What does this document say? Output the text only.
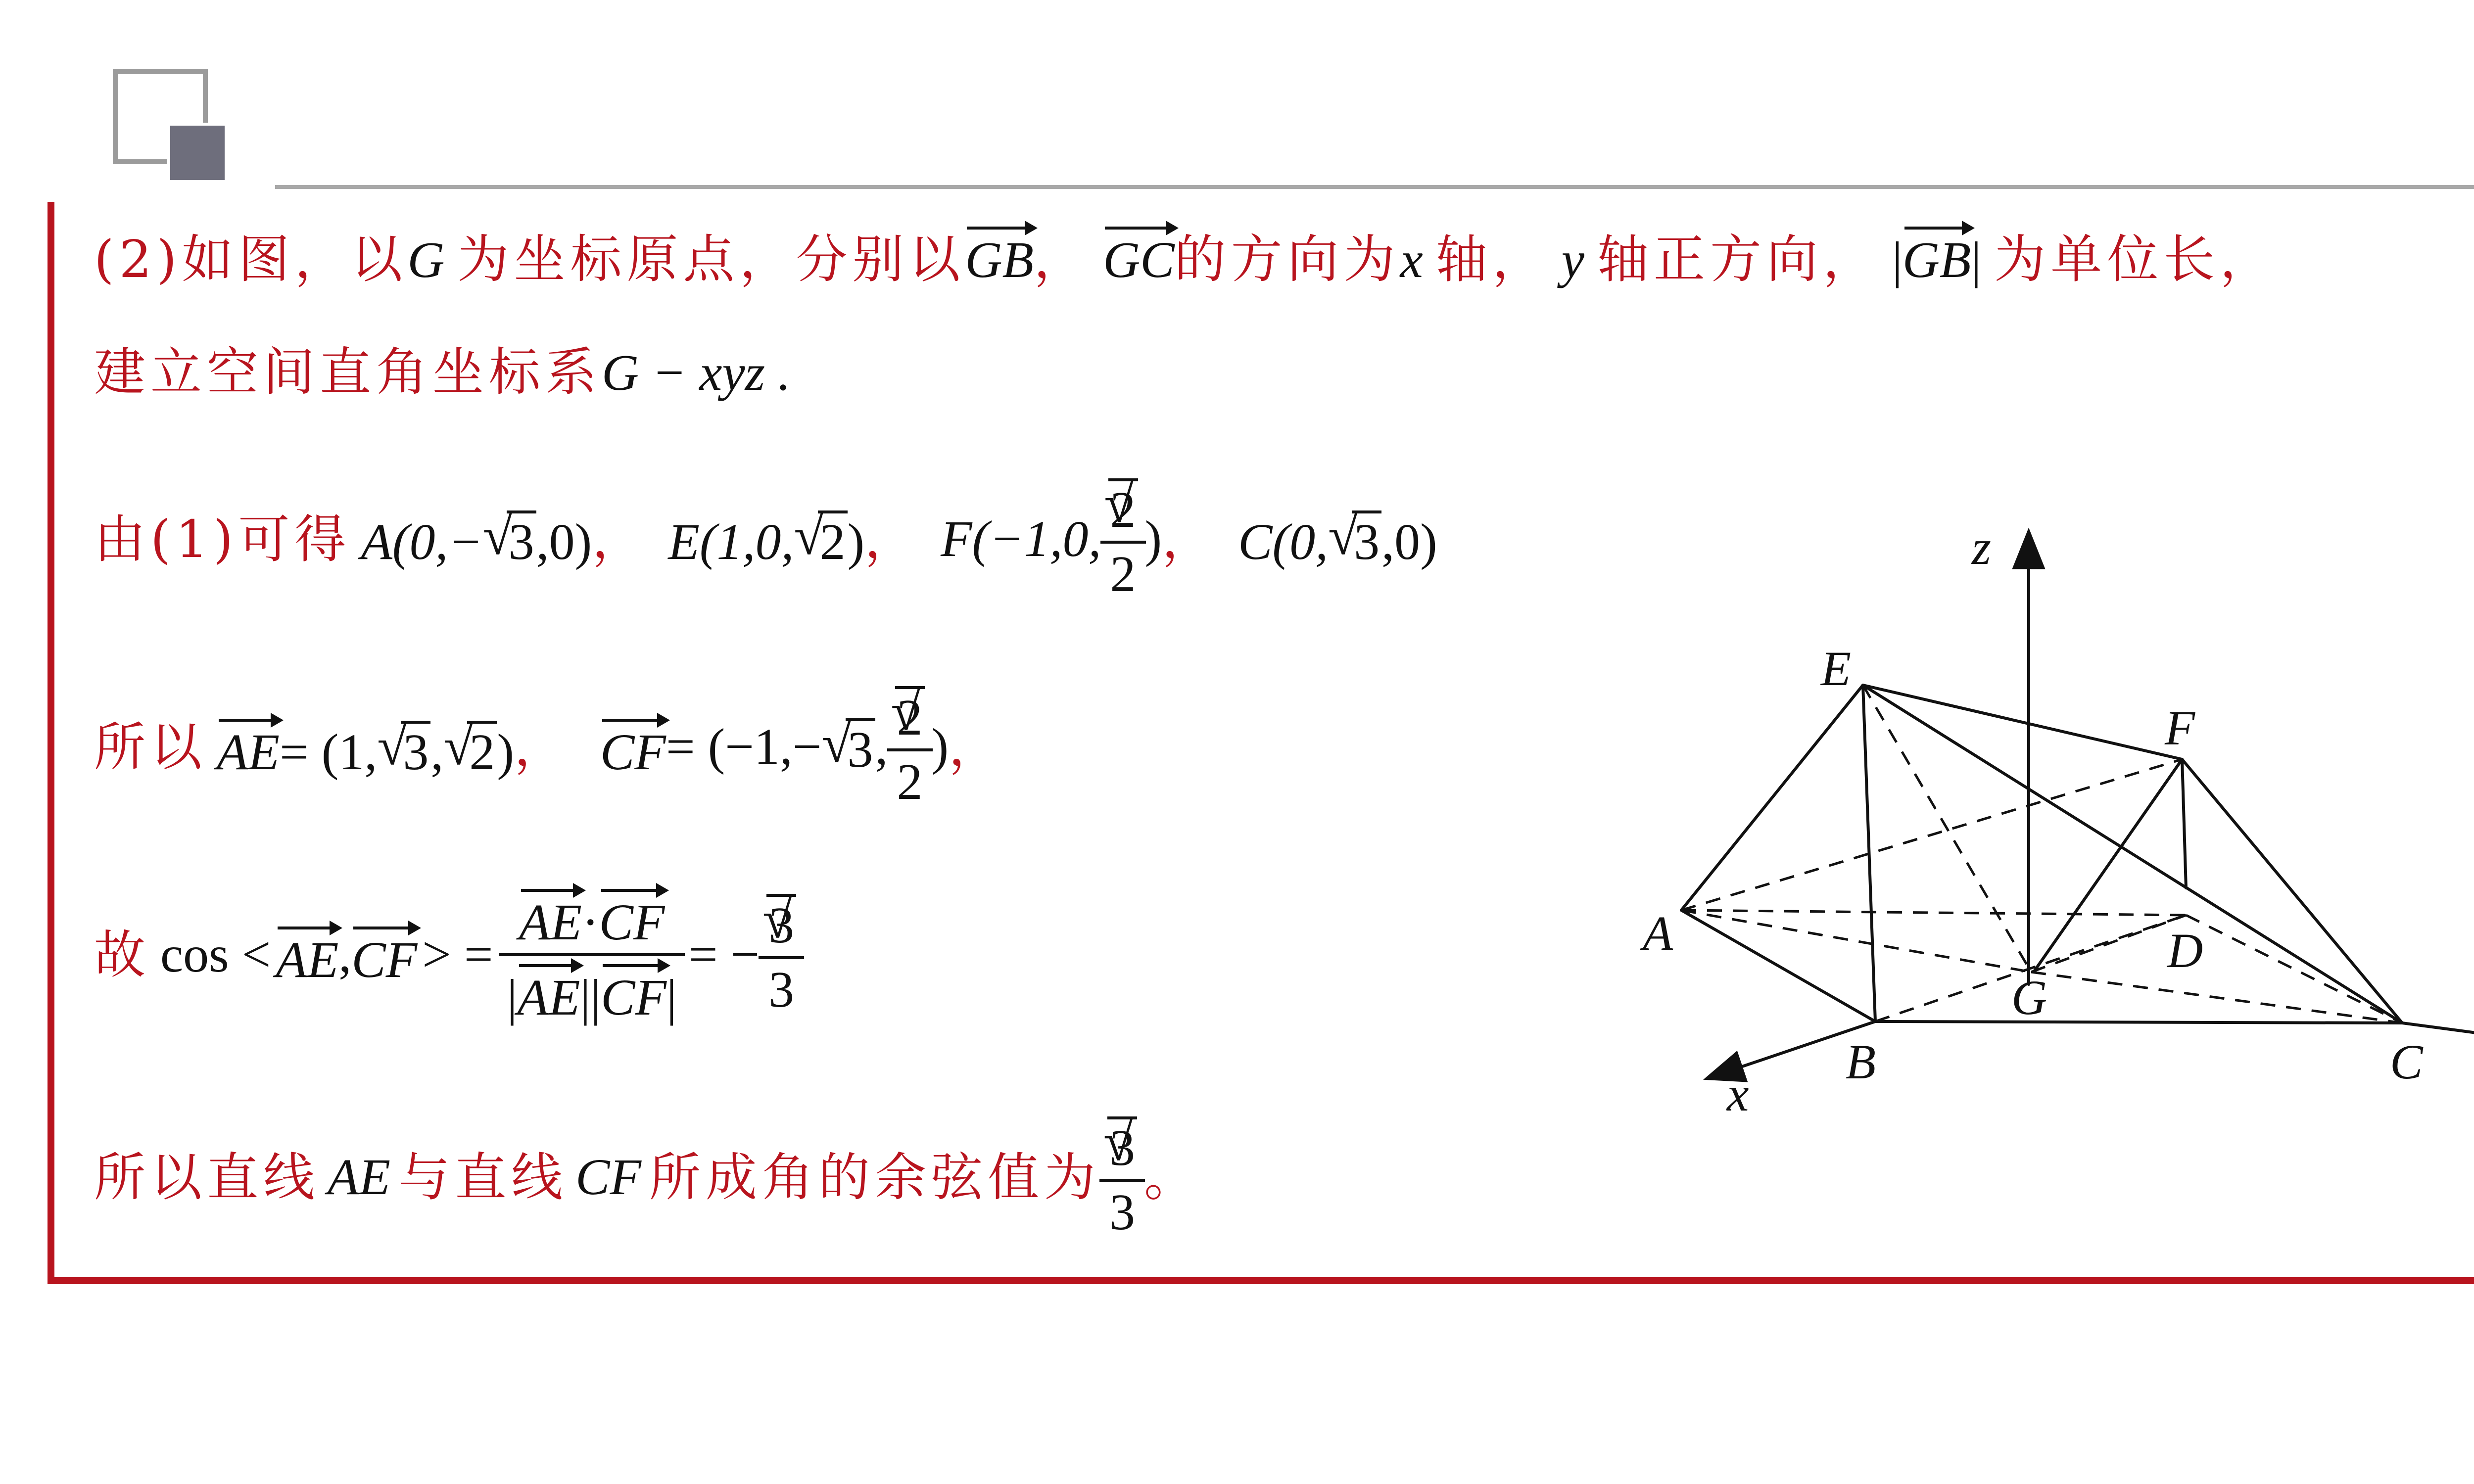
(2)如图，以G 为坐标原点，分别以GB， GC的方向为x 轴， y 轴正方向， |GB| 为单位长，
建立空间直角坐标系G − xyz .
由(1)可得 A(0,− √ 3,0) ， E(1,0, √ 2) ， F(−1,0, √ $\frac{2}{2}$ ) ， C(0, √ 3,0)
所以 AE= (1, √ 3, √ 2) ， CF = (−1,− √ 3 , √ $\frac{2}{2}$ ) ，
故 cos < AE , CF > = $\frac{AE\cdot CF}{|AE||CF|}$ = − √ $\frac{3}{3}$
所以直线 AE 与直线 CF 所成角的余弦值为 √ $\frac{3}{3}$ 。
z
E
F
A	D
G
B	C
x
